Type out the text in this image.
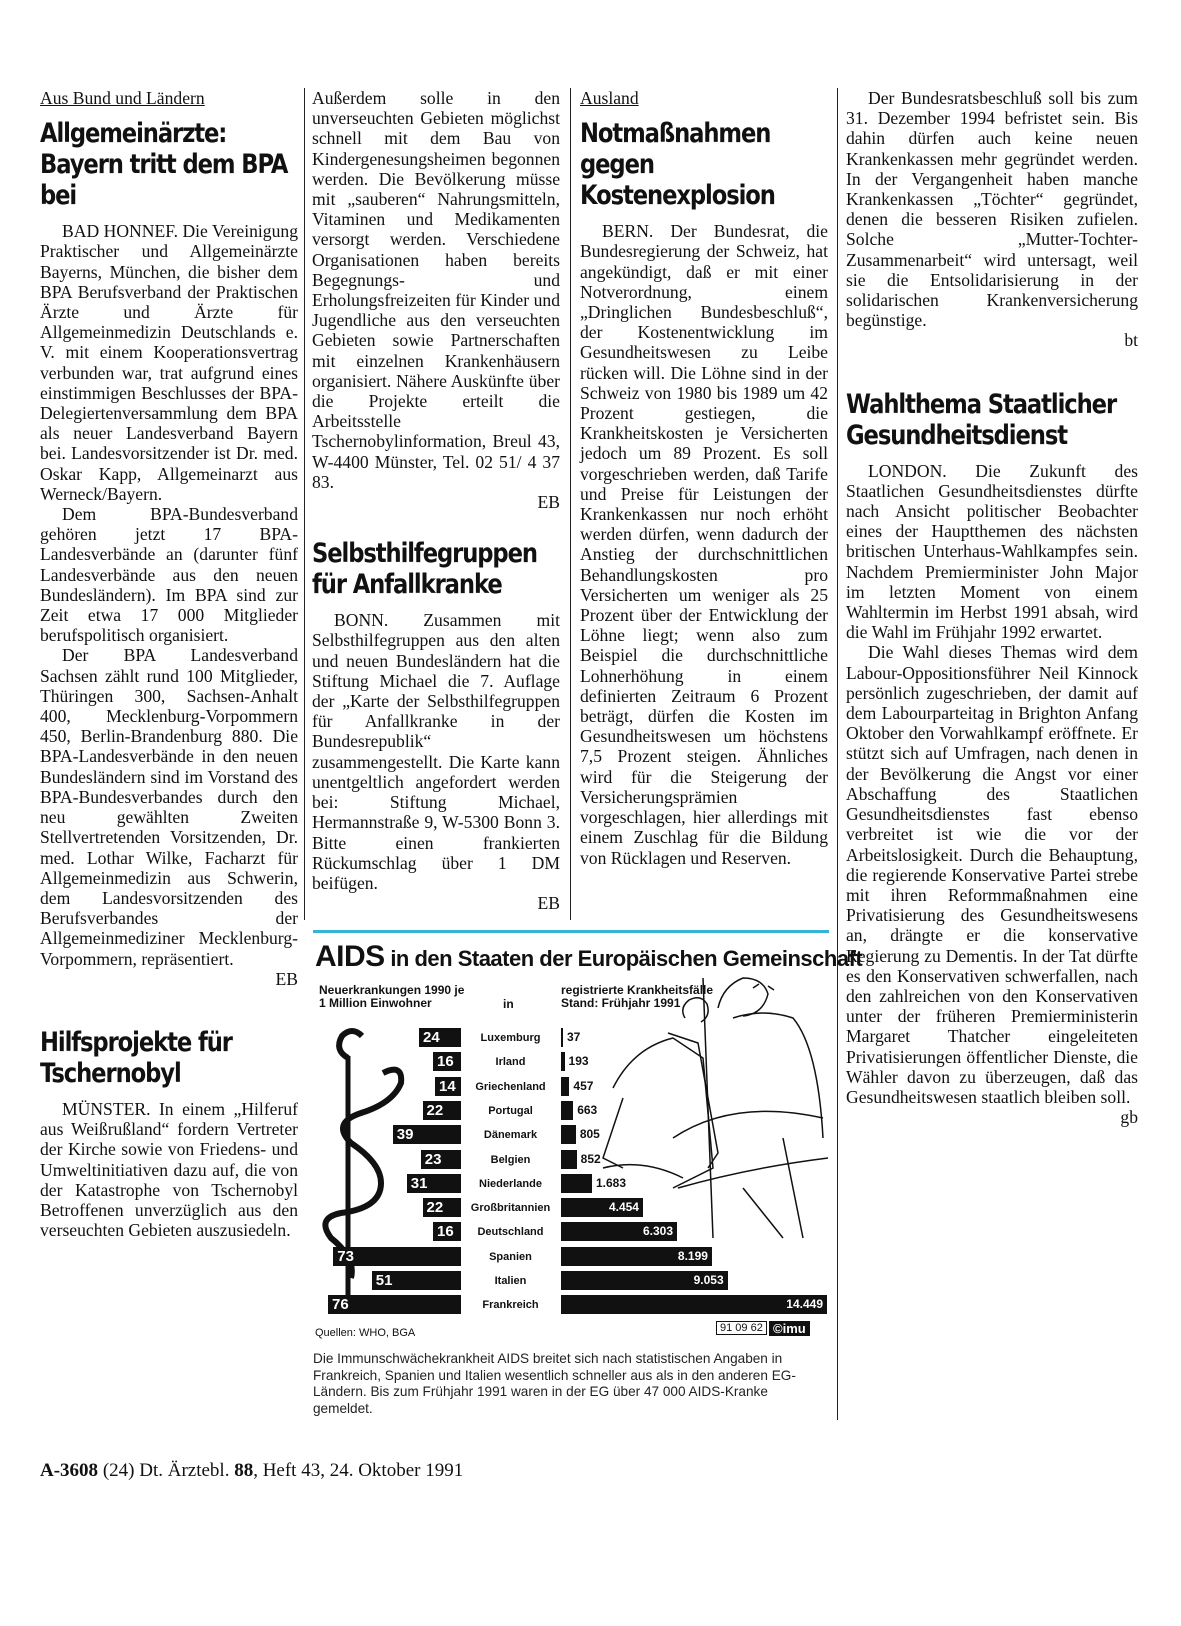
Aus Bund und Ländern
Allgemeinärzte: Bayern tritt dem BPA bei

BAD HONNEF. Die Vereinigung Praktischer und Allgemeinärzte Bayerns, München, die bisher dem BPA Berufsverband der Praktischen Ärzte und Ärzte für Allgemeinmedizin Deutschlands e. V. mit einem Kooperationsvertrag verbunden war, trat aufgrund eines einstimmigen Beschlusses der BPA-Delegiertenversammlung dem BPA als neuer Landesverband Bayern bei. Landesvorsitzender ist Dr. med. Oskar Kapp, Allgemeinarzt aus Werneck/Bayern.

Dem BPA-Bundesverband gehören jetzt 17 BPA-Landesverbände an (darunter fünf Landesverbände aus den neuen Bundesländern). Im BPA sind zur Zeit etwa 17 000 Mitglieder berufspolitisch organisiert.

Der BPA Landesverband Sachsen zählt rund 100 Mitglieder, Thüringen 300, Sachsen-Anhalt 400, Mecklenburg-Vorpommern 450, Berlin-Brandenburg 880. Die BPA-Landesverbände in den neuen Bundesländern sind im Vorstand des BPA-Bundesverbandes durch den neu gewählten Zweiten Stellvertretenden Vorsitzenden, Dr. med. Lothar Wilke, Facharzt für Allgemeinmedizin aus Schwerin, dem Landesvorsitzenden des Berufsverbandes der Allgemeinmediziner Mecklenburg-Vorpommern, repräsentiert.

EB
Hilfsprojekte für Tschernobyl

MÜNSTER. In einem „Hilferuf aus Weißrußland“ fordern Vertreter der Kirche sowie von Friedens- und Umweltinitiativen dazu auf, die von der Katastrophe von Tschernobyl Betroffenen unverzüglich aus den verseuchten Gebieten auszusiedeln.

Außerdem solle in den unverseuchten Gebieten möglichst schnell mit dem Bau von Kindergenesungsheimen begonnen werden. Die Bevölkerung müsse mit „sauberen“ Nahrungsmitteln, Vitaminen und Medikamenten versorgt werden. Verschiedene Organisationen haben bereits Begegnungs- und Erholungsfreizeiten für Kinder und Jugendliche aus den verseuchten Gebieten sowie Partnerschaften mit einzelnen Krankenhäusern organisiert. Nähere Auskünfte über die Projekte erteilt die Arbeitsstelle Tschernobylinformation, Breul 43, W-4400 Münster, Tel. 02 51/ 4 37 83.
EB
Selbsthilfegruppen für Anfallkranke

BONN. Zusammen mit Selbsthilfegruppen aus den alten und neuen Bundesländern hat die Stiftung Michael die 7. Auflage der „Karte der Selbsthilfegruppen für Anfallkranke in der Bundesrepublik“ zusammengestellt. Die Karte kann unentgeltlich angefordert werden bei: Stiftung Michael, Hermannstraße 9, W-5300 Bonn 3. Bitte einen frankierten Rückumschlag über 1 DM beifügen.

EB
Ausland
Notmaßnahmen gegen Kostenexplosion

BERN. Der Bundesrat, die Bundesregierung der Schweiz, hat angekündigt, daß er mit einer Notverordnung, einem „Dringlichen Bundesbeschluß“, der Kostenentwicklung im Gesundheitswesen zu Leibe rücken will. Die Löhne sind in der Schweiz von 1980 bis 1989 um 42 Prozent gestiegen, die Krankheitskosten je Versicherten jedoch um 89 Prozent. Es soll vorgeschrieben werden, daß Tarife und Preise für Leistungen der Krankenkassen nur noch erhöht werden dürfen, wenn dadurch der Anstieg der durchschnittlichen Behandlungskosten pro Versicherten um weniger als 25 Prozent über der Entwicklung der Löhne liegt; wenn also zum Beispiel die durchschnittliche Lohnerhöhung in einem definierten Zeitraum 6 Prozent beträgt, dürfen die Kosten im Gesundheitswesen um höchstens 7,5 Prozent steigen. Ähnliches wird für die Steigerung der Versicherungsprämien vorgeschlagen, hier allerdings mit einem Zuschlag für die Bildung von Rücklagen und Reserven.

Der Bundesratsbeschluß soll bis zum 31. Dezember 1994 befristet sein. Bis dahin dürfen auch keine neuen Krankenkassen mehr gegründet werden. In der Vergangenheit haben manche Krankenkassen „Töchter“ gegründet, denen die besseren Risiken zufielen. Solche „Mutter-Tochter-Zusammenarbeit“ wird untersagt, weil sie die Entsolidarisierung in der solidarischen Krankenversicherung begünstige.

bt
Wahlthema Staatlicher Gesundheitsdienst

LONDON. Die Zukunft des Staatlichen Gesundheitsdienstes dürfte nach Ansicht politischer Beobachter eines der Hauptthemen des nächsten britischen Unterhaus-Wahlkampfes sein. Nachdem Premierminister John Major im letzten Moment von einem Wahltermin im Herbst 1991 absah, wird die Wahl im Frühjahr 1992 erwartet.

Die Wahl dieses Themas wird dem Labour-Oppositionsführer Neil Kinnock persönlich zugeschrieben, der damit auf dem Labourparteitag in Brighton Anfang Oktober den Vorwahlkampf eröffnete. Er stützt sich auf Umfragen, nach denen in der Bevölkerung die Angst vor einer Abschaffung des Staatlichen Gesundheitsdienstes fast ebenso verbreitet ist wie die vor der Arbeitslosigkeit. Durch die Behauptung, die regierende Konservative Partei strebe mit ihren Reformmaßnahmen eine Privatisierung des Gesundheitswesens an, drängte er die konservative Regierung zu Dementis. In der Tat dürfte es den Konservativen schwerfallen, nach den zahlreichen von den Konservativen unter der früheren Premierministerin Margaret Thatcher eingeleiteten Privatisierungen öffentlicher Dienste, die Wähler davon zu überzeugen, daß das Gesundheitswesen staatlich bleiben soll.

gb
AIDS in den Staaten der Europäischen Gemeinschaft
Neuerkrankungen 1990 je 1 Million Einwohner	in
registrierte Krankheitsfälle Stand: Frühjahr 1991
24	Luxemburg	37
16	Irland	193
14	Griechenland	457
22	Portugal	663
39	Dänemark	805
23	Belgien	852
31	Niederlande	1.683
22	Großbritannien	4.454
16	Deutschland	6.303
73	Spanien	8.199
51	Italien	9.053
76	Frankreich	14.449
Quellen: WHO, BGA	91 09 62 ©imu
Die Immunschwächekrankheit AIDS breitet sich nach statistischen Angaben in Frankreich, Spanien und Italien wesentlich schneller aus als in den anderen EG-Ländern. Bis zum Frühjahr 1991 waren in der EG über 47 000 AIDS-Kranke gemeldet.
A-3608 (24) Dt. Ärztebl. 88, Heft 43, 24. Oktober 1991
